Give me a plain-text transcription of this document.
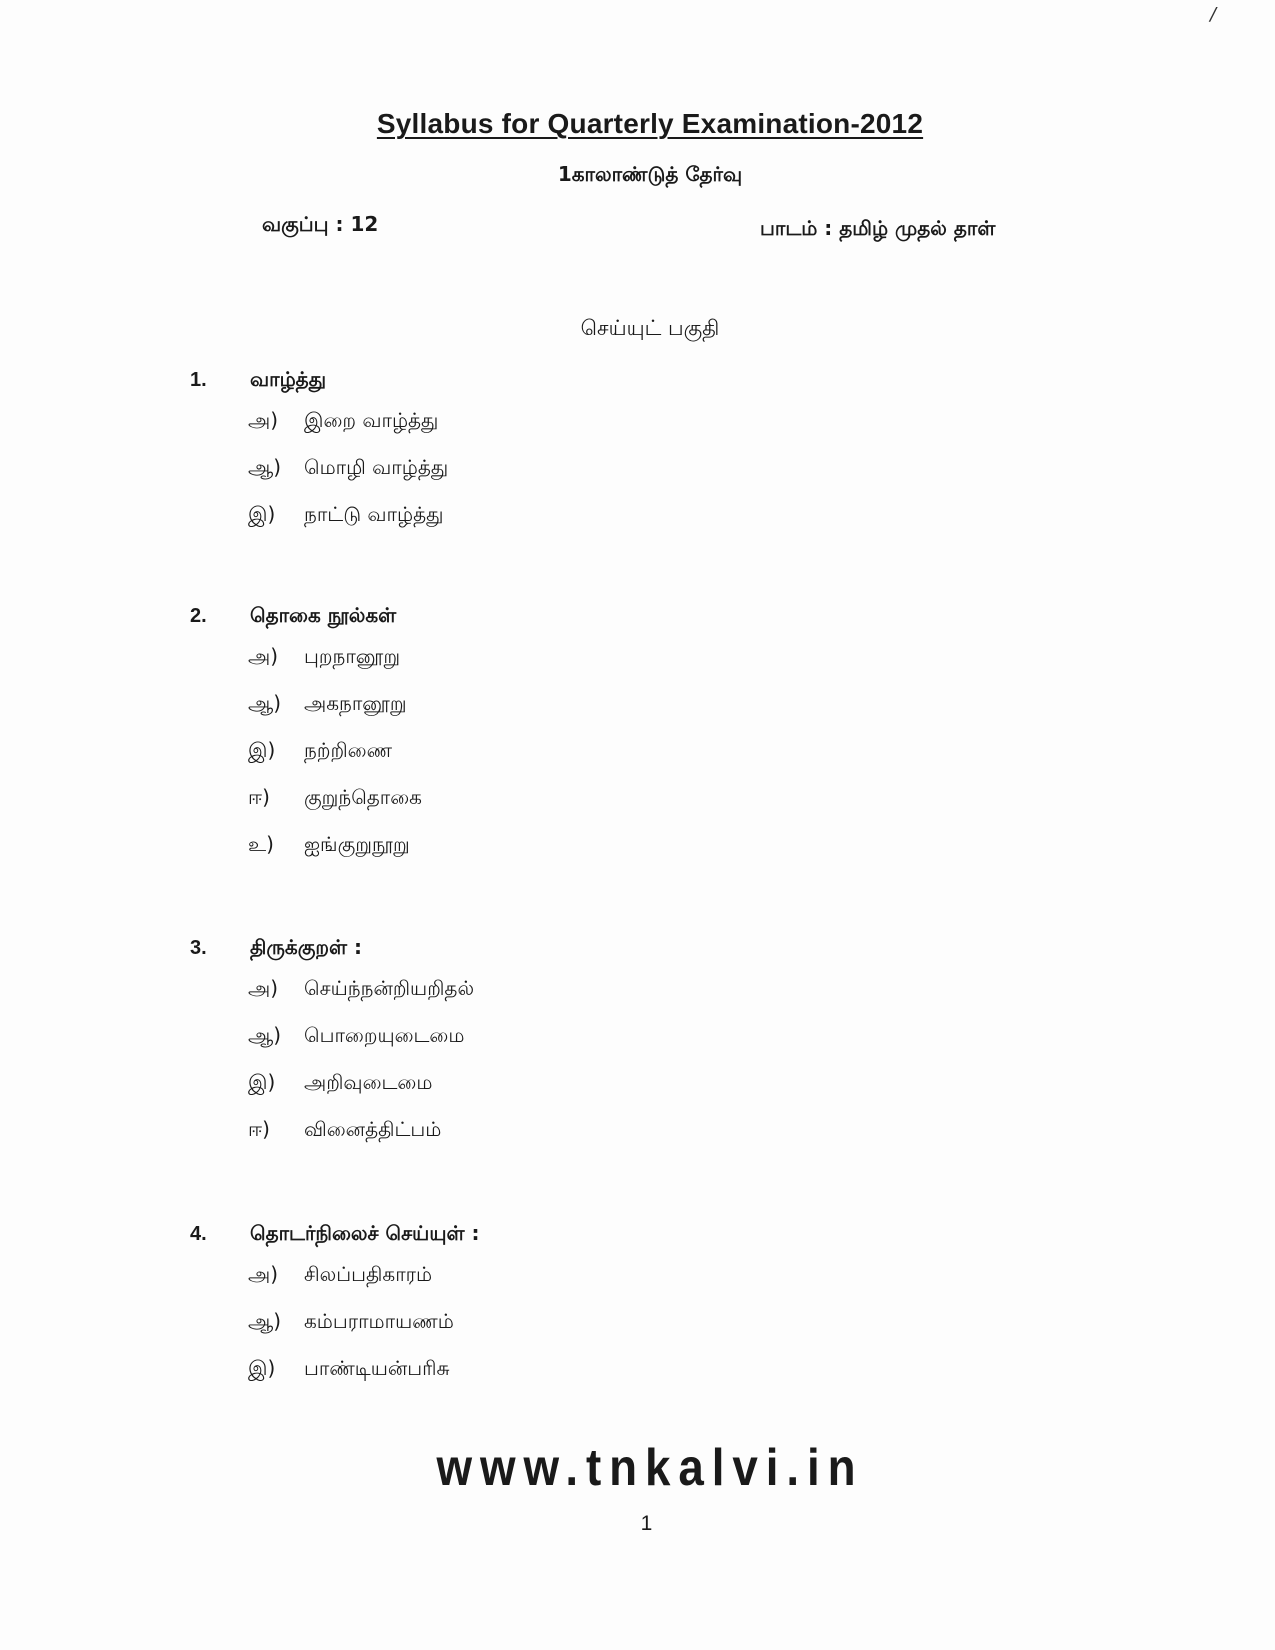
/
Syllabus for Quarterly Examination-2012
1காலாண்டுத் தேர்வு
வகுப்பு : 12	பாடம் : தமிழ் முதல் தாள்
செய்யுட் பகுதி
1.	வாழ்த்து
அ)	இறை வாழ்த்து
ஆ)	மொழி வாழ்த்து
இ)	நாட்டு வாழ்த்து
2.	தொகை நூல்கள்
அ)	புறநானூறு
ஆ)	அகநானூறு
இ)	நற்றிணை
ஈ)	குறுந்தொகை
உ)	ஐங்குறுநூறு
3.	திருக்குறள் :
அ)	செய்ந்நன்றியறிதல்
ஆ)	பொறையுடைமை
இ)	அறிவுடைமை
ஈ)	வினைத்திட்பம்
4.	தொடர்நிலைச் செய்யுள் :
அ)	சிலப்பதிகாரம்
ஆ)	கம்பராமாயணம்
இ)	பாண்டியன்பரிசு
www.tnkalvi.in
1
